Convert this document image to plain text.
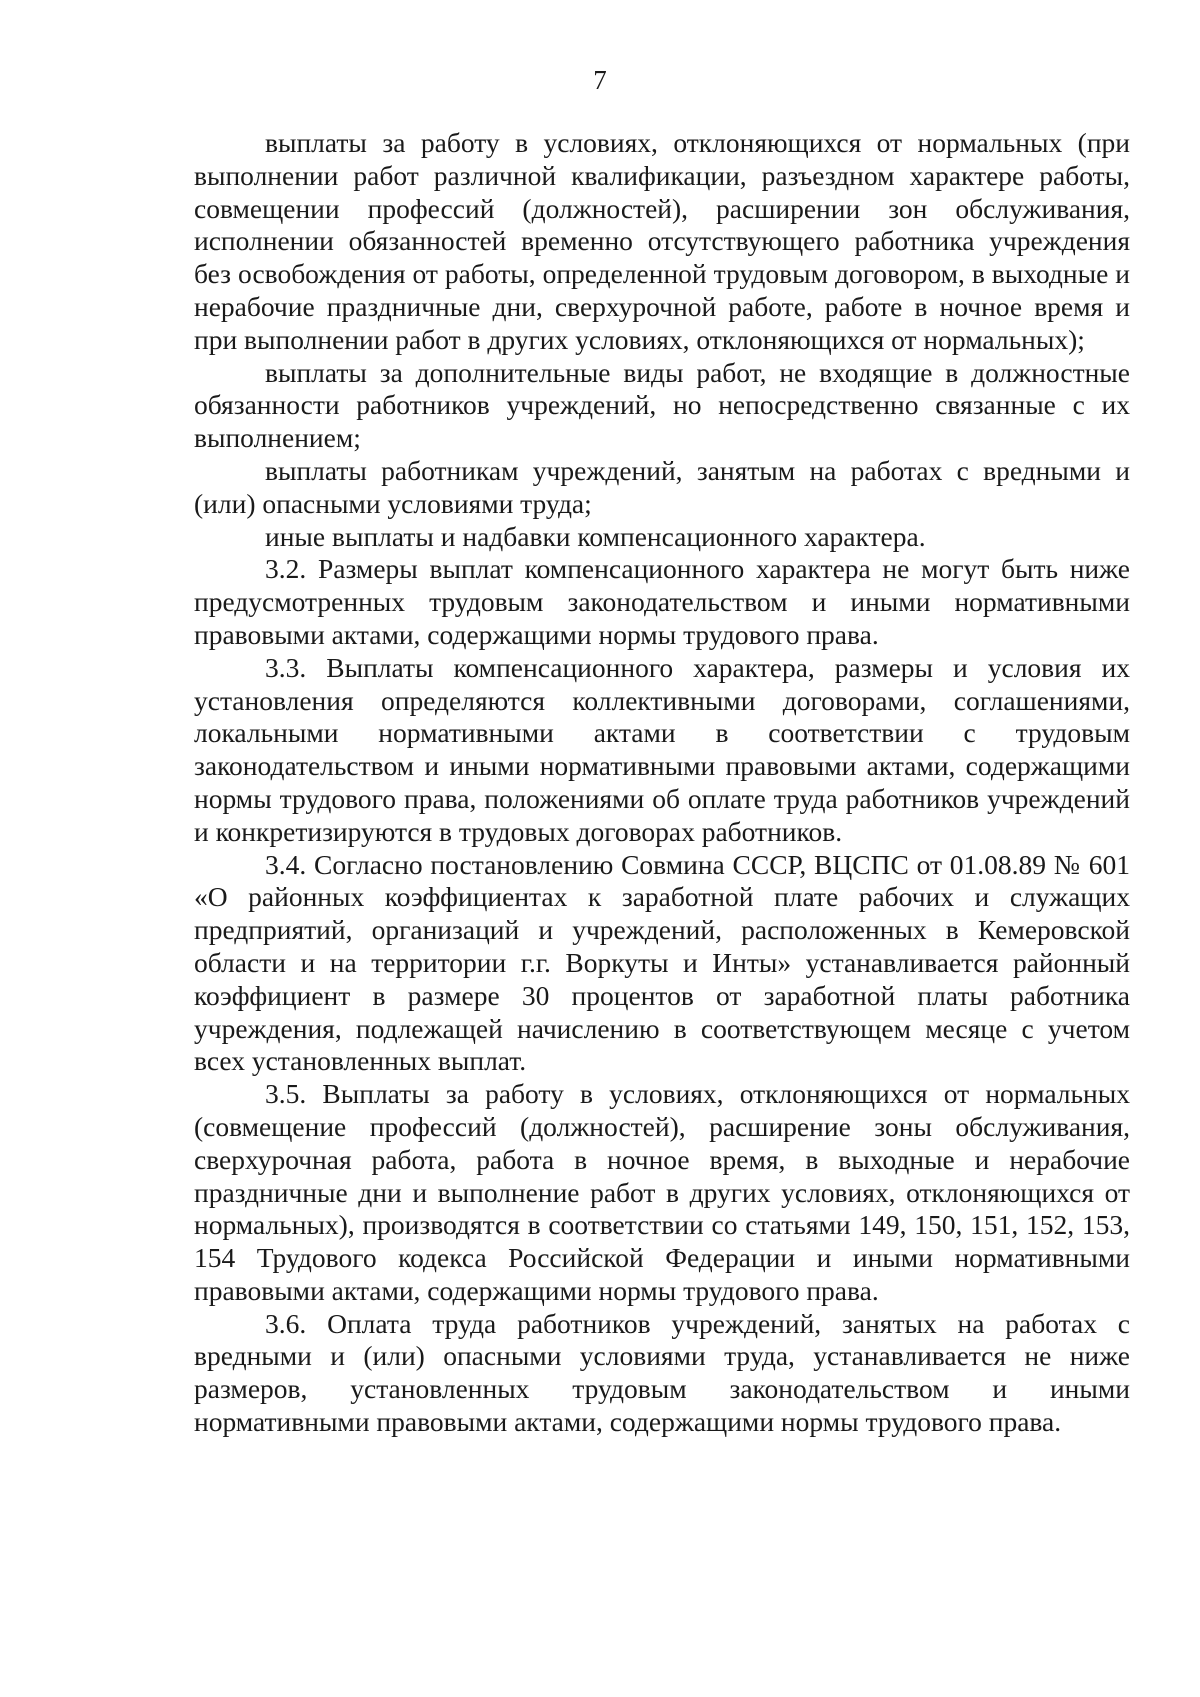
7

выплаты за работу в условиях, отклоняющихся от нормальных (при выполнении работ различной квалификации, разъездном характере работы, совмещении профессий (должностей), расширении зон обслуживания, исполнении обязанностей временно отсутствующего работника учреждения без освобождения от работы, определенной трудовым договором, в выходные и нерабочие праздничные дни, сверхурочной работе, работе в ночное время и при выполнении работ в других условиях, отклоняющихся от нормальных);

выплаты за дополнительные виды работ, не входящие в должностные обязанности работников учреждений, но непосредственно связанные с их выполнением;

выплаты работникам учреждений, занятым на работах с вредными и (или) опасными условиями труда;

иные выплаты и надбавки компенсационного характера.

3.2. Размеры выплат компенсационного характера не могут быть ниже предусмотренных трудовым законодательством и иными нормативными правовыми актами, содержащими нормы трудового права.

3.3. Выплаты компенсационного характера, размеры и условия их установления определяются коллективными договорами, соглашениями, локальными нормативными актами в соответствии с трудовым законодательством и иными нормативными правовыми актами, содержащими нормы трудового права, положениями об оплате труда работников учреждений и конкретизируются в трудовых договорах работников.

3.4. Согласно постановлению Совмина СССР, ВЦСПС от 01.08.89 № 601 «О районных коэффициентах к заработной плате рабочих и служащих предприятий, организаций и учреждений, расположенных в Кемеровской области и на территории г.г. Воркуты и Инты» устанавливается районный коэффициент в размере 30 процентов от заработной платы работника учреждения, подлежащей начислению в соответствующем месяце с учетом всех установленных выплат.

3.5. Выплаты за работу в условиях, отклоняющихся от нормальных (совмещение профессий (должностей), расширение зоны обслуживания, сверхурочная работа, работа в ночное время, в выходные и нерабочие праздничные дни и выполнение работ в других условиях, отклоняющихся от нормальных), производятся в соответствии со статьями 149, 150, 151, 152, 153, 154 Трудового кодекса Российской Федерации и иными нормативными правовыми актами, содержащими нормы трудового права.

3.6. Оплата труда работников учреждений, занятых на работах с вредными и (или) опасными условиями труда, устанавливается не ниже размеров, установленных трудовым законодательством и иными нормативными правовыми актами, содержащими нормы трудового права.
